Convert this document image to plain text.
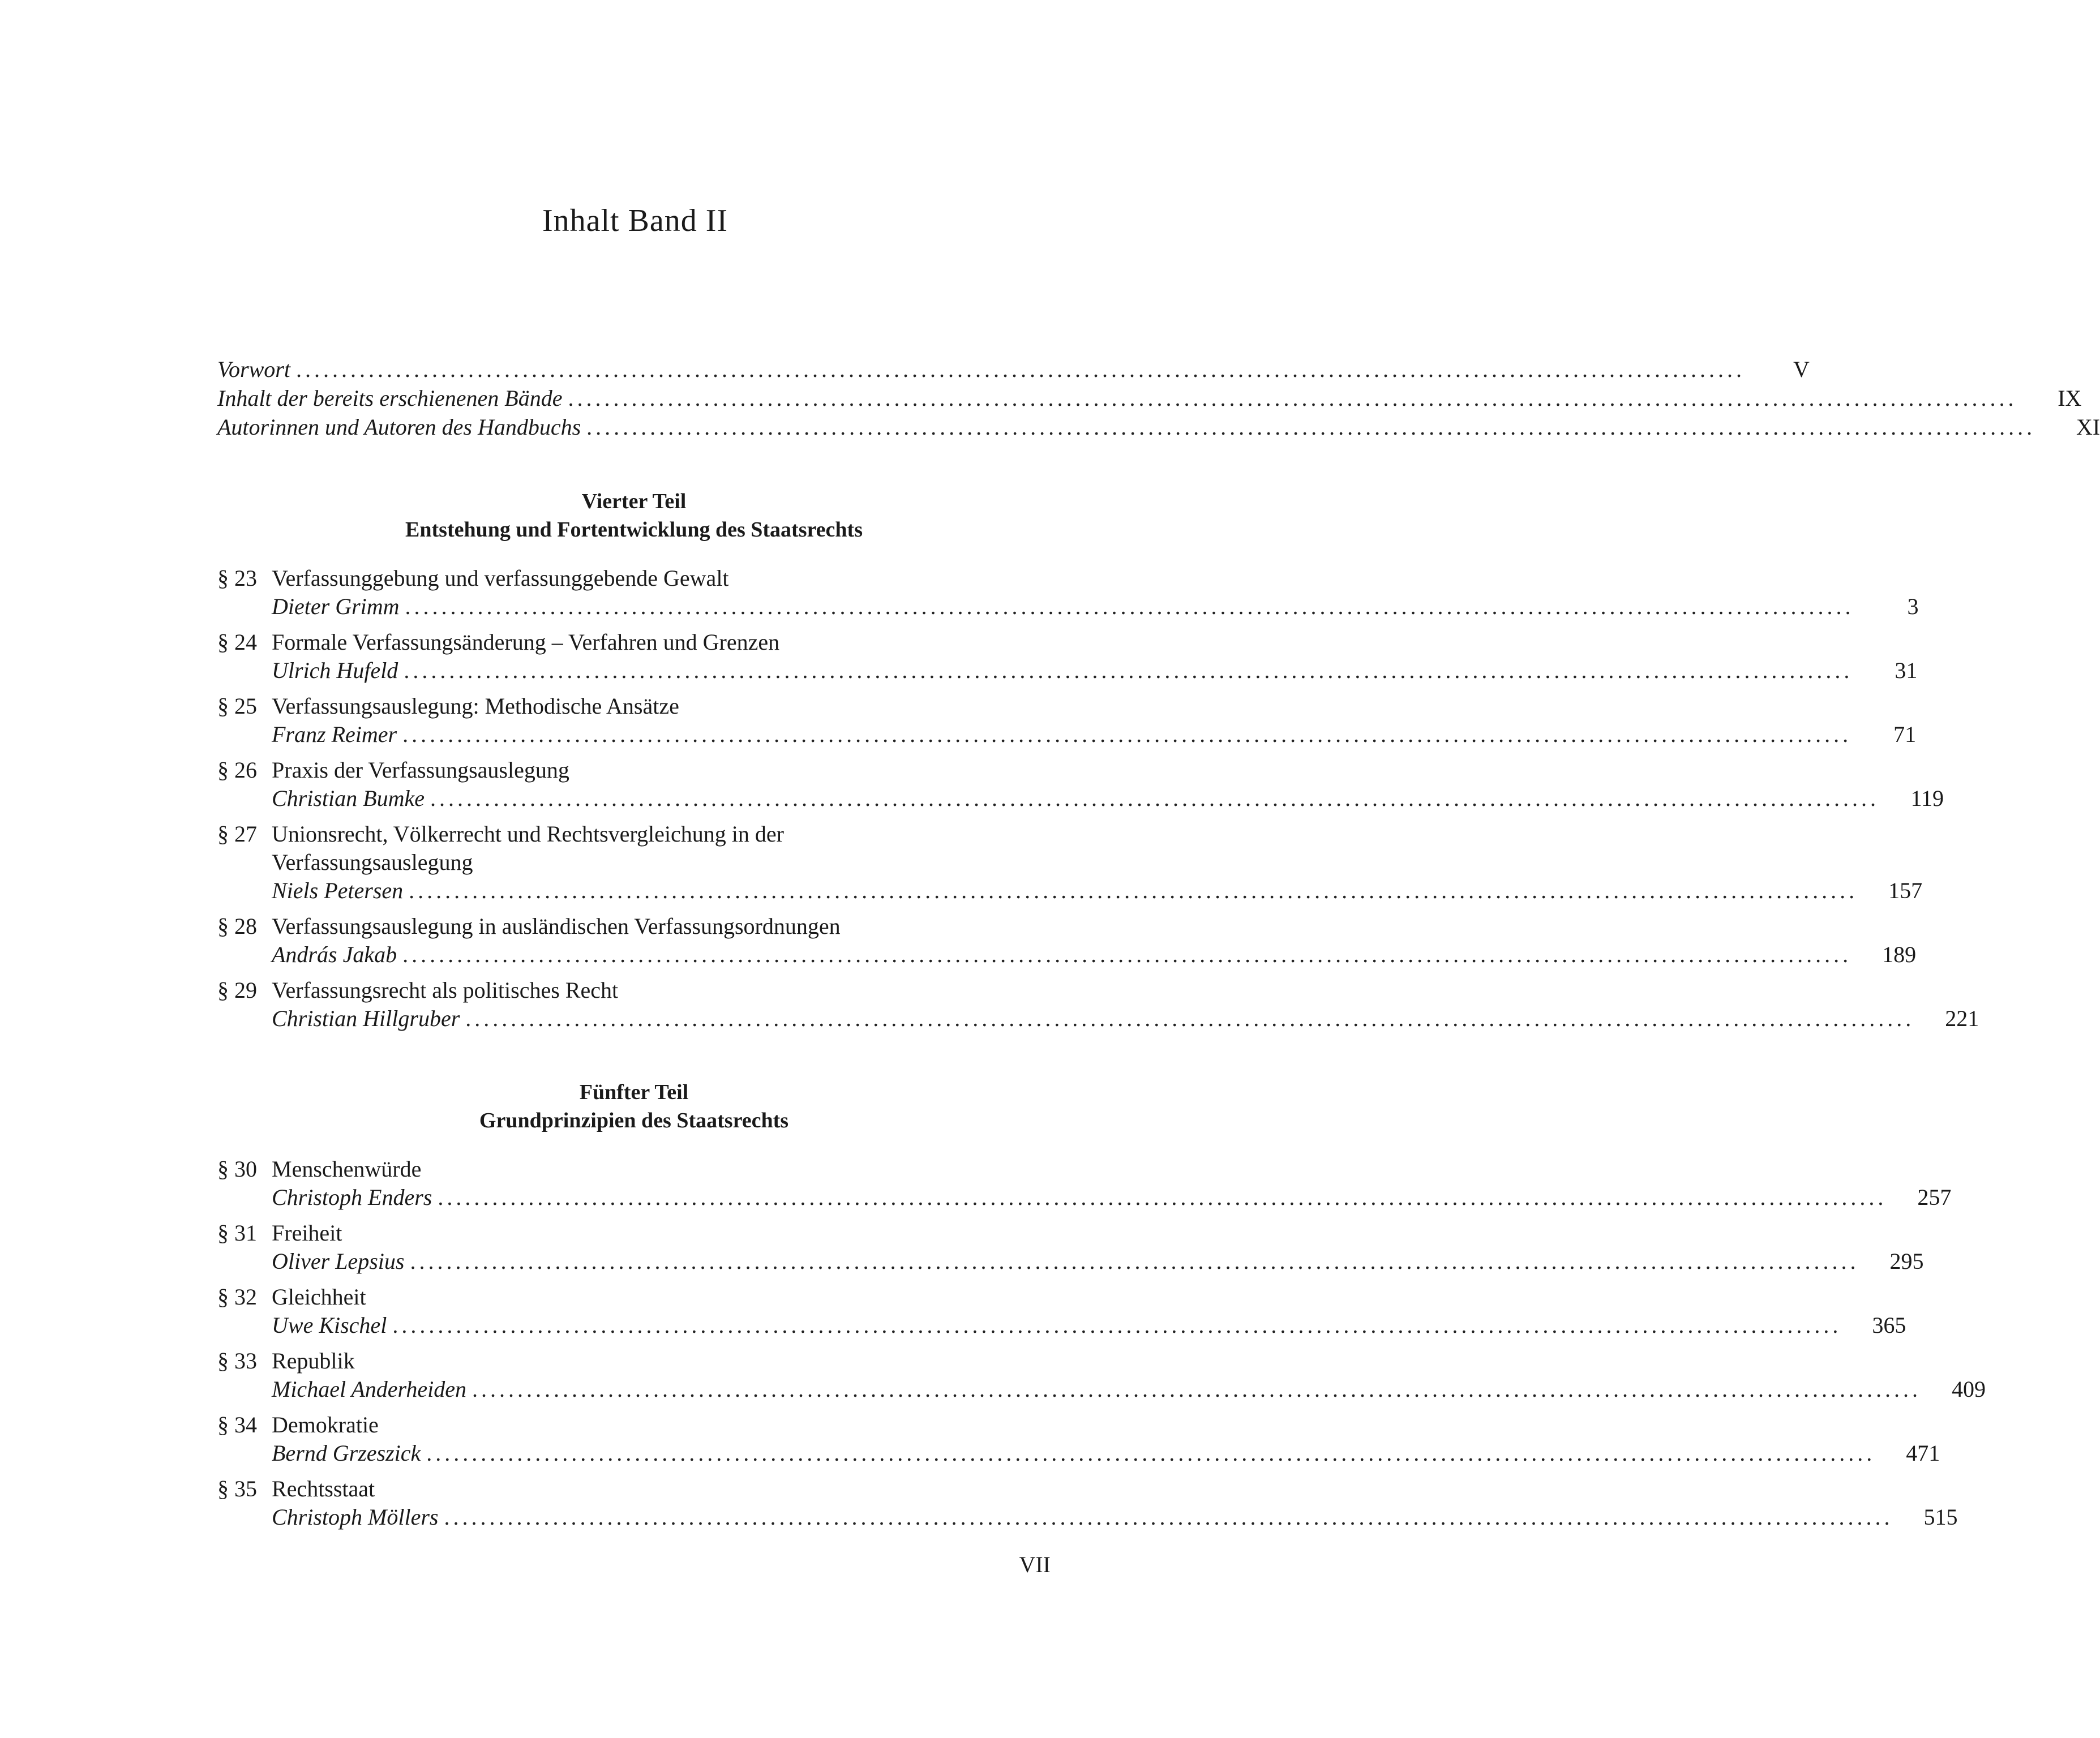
Inhalt Band II
Vorwort ................................................................................................................................................................	V
Inhalt der bereits erschienenen Bände ................................................................................................................................................................	IX
Autorinnen und Autoren des Handbuchs ................................................................................................................................................................	XI
Vierter Teil
Entstehung und Fortentwicklung des Staatsrechts
§ 23 Verfassunggebung und verfassunggebende Gewalt
Dieter Grimm ................................................................................................................................................................	3
§ 24 Formale Verfassungsänderung – Verfahren und Grenzen
Ulrich Hufeld ................................................................................................................................................................	31
§ 25 Verfassungsauslegung: Methodische Ansätze
Franz Reimer ................................................................................................................................................................	71
§ 26 Praxis der Verfassungsauslegung
Christian Bumke ................................................................................................................................................................	119
§ 27 Unionsrecht, Völkerrecht und Rechtsvergleichung in der
Verfassungsauslegung
Niels Petersen ................................................................................................................................................................	157
§ 28 Verfassungsauslegung in ausländischen Verfassungsordnungen
András Jakab ................................................................................................................................................................	189
§ 29 Verfassungsrecht als politisches Recht
Christian Hillgruber ................................................................................................................................................................	221
Fünfter Teil
Grundprinzipien des Staatsrechts
§ 30 Menschenwürde
Christoph Enders ................................................................................................................................................................	257
§ 31 Freiheit
Oliver Lepsius ................................................................................................................................................................	295
§ 32 Gleichheit
Uwe Kischel ................................................................................................................................................................	365
§ 33 Republik
Michael Anderheiden ................................................................................................................................................................	409
§ 34 Demokratie
Bernd Grzeszick ................................................................................................................................................................	471
§ 35 Rechtsstaat
Christoph Möllers ................................................................................................................................................................	515
VII
